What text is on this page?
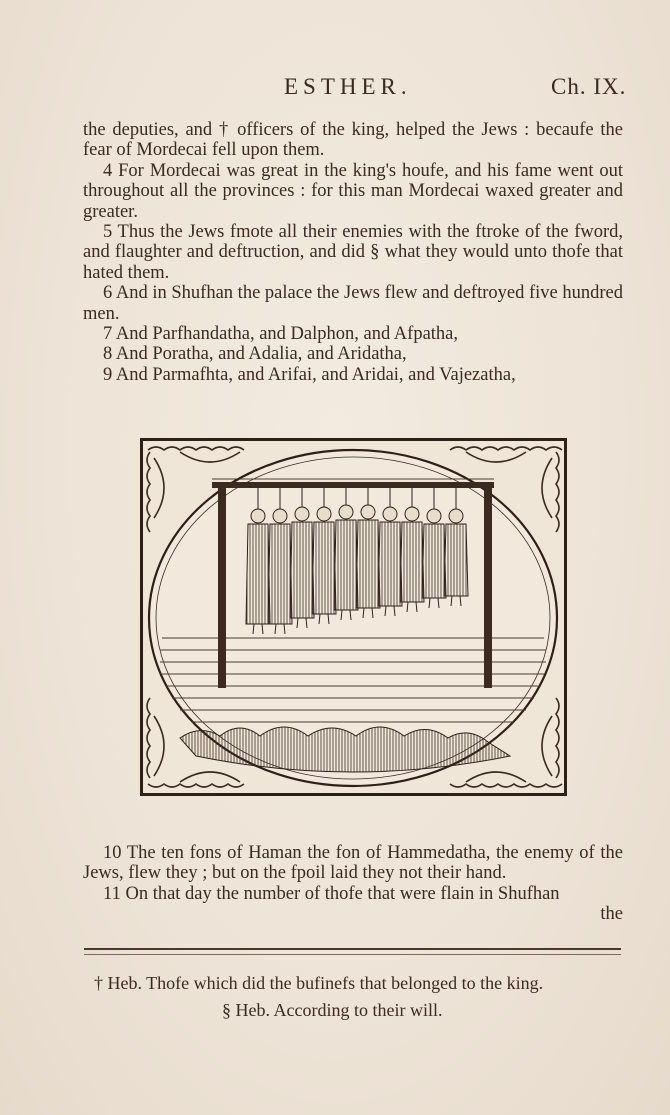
ESTHER.	Ch. IX.

the deputies, and † officers of the king, helped the Jews : becaufe the fear of Mordecai fell upon them.

4 For Mordecai was great in the king's houfe, and his fame went out throughout all the provinces : for this man Mordecai waxed greater and greater.

5 Thus the Jews fmote all their enemies with the ftroke of the fword, and flaughter and deftruction, and did § what they would unto thofe that hated them.

6 And in Shufhan the palace the Jews flew and deftroyed five hundred men.

7 And Parfhandatha, and Dalphon, and Afpatha,

8 And Poratha, and Adalia, and Aridatha,

9 And Parmafhta, and Arifai, and Aridai, and Vajezatha,

10 The ten fons of Haman the fon of Hammedatha, the enemy of the Jews, flew they ; but on the fpoil laid they not their hand.

11 On that day the number of thofe that were flain in Shufhan

the

† Heb. Thofe which did the bufinefs that belonged to the king.

§ Heb. According to their will.
